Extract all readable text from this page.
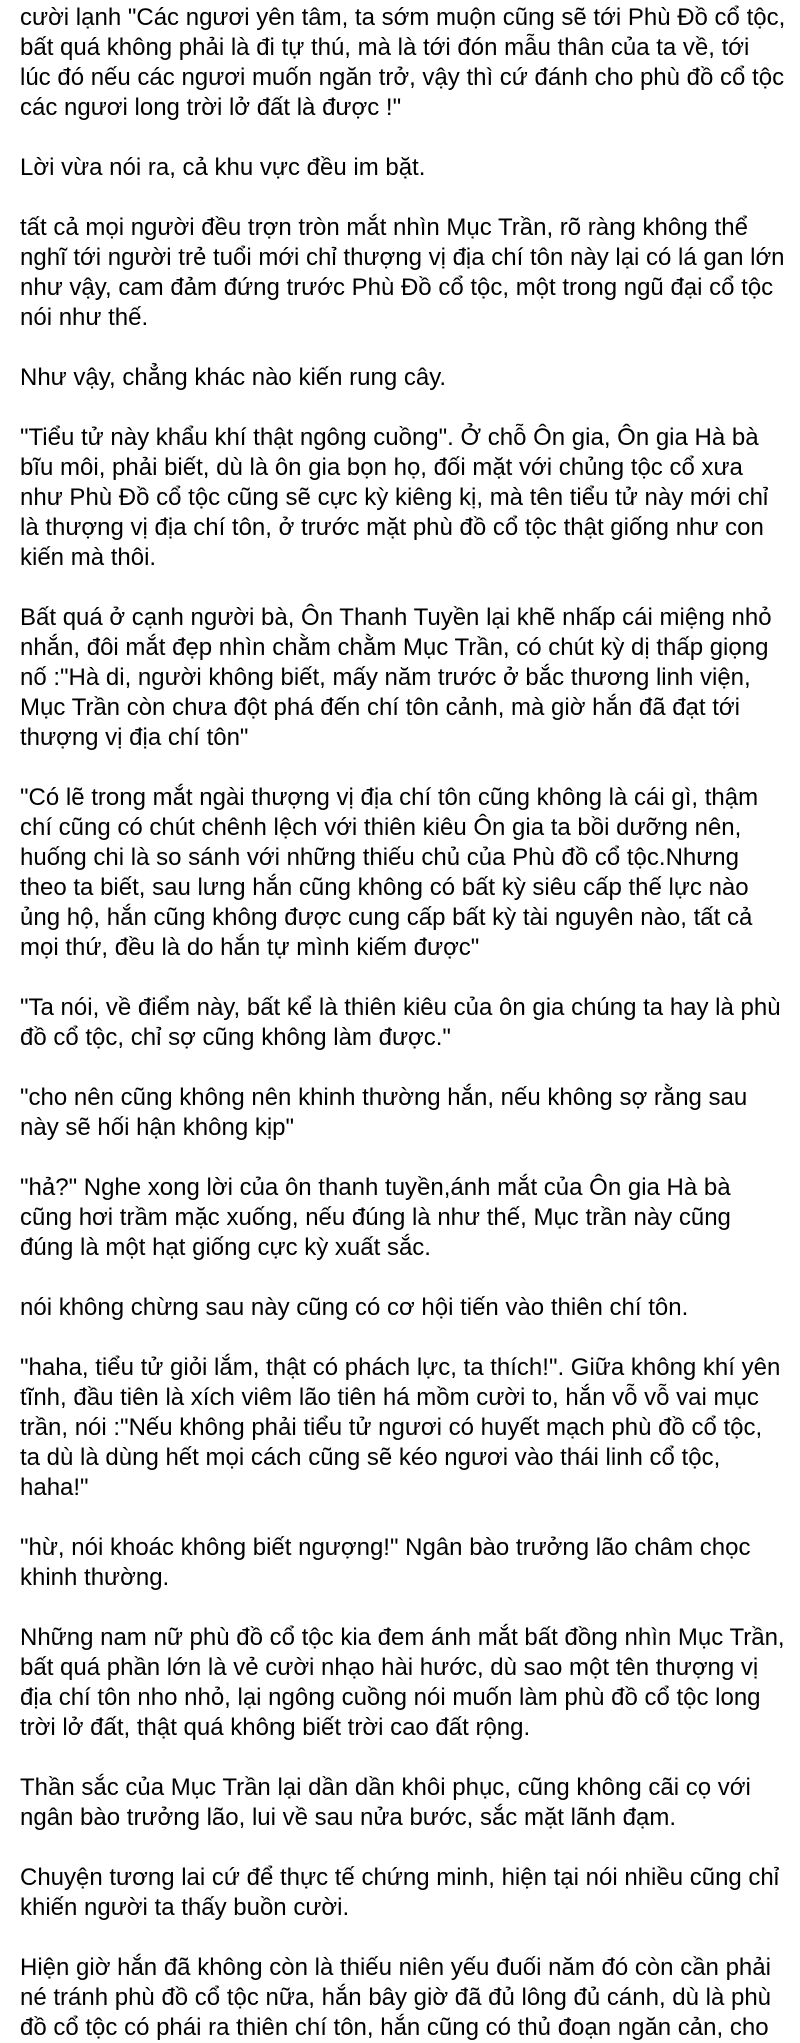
cười lạnh "Các ngươi yên tâm, ta sớm muộn cũng sẽ tới Phù Đồ cổ tộc,
bất quá không phải là đi tự thú, mà là tới đón mẫu thân của ta về, tới
lúc đó nếu các ngươi muốn ngăn trở, vậy thì cứ đánh cho phù đồ cổ tộc
các ngươi long trời lở đất là được !"
Lời vừa nói ra, cả khu vực đều im bặt.
tất cả mọi người đều trợn tròn mắt nhìn Mục Trần, rõ ràng không thể
nghĩ tới người trẻ tuổi mới chỉ thượng vị địa chí tôn này lại có lá gan lớn
như vậy, cam đảm đứng trước Phù Đồ cổ tộc, một trong ngũ đại cổ tộc
nói như thế.
Như vậy, chẳng khác nào kiến rung cây.
"Tiểu tử này khẩu khí thật ngông cuồng". Ở chỗ Ôn gia, Ôn gia Hà bà
bĩu môi, phải biết, dù là ôn gia bọn họ, đối mặt với chủng tộc cổ xưa
như Phù Đồ cổ tộc cũng sẽ cực kỳ kiêng kị, mà tên tiểu tử này mới chỉ
là thượng vị địa chí tôn, ở trước mặt phù đồ cổ tộc thật giống như con
kiến mà thôi.
Bất quá ở cạnh người bà, Ôn Thanh Tuyền lại khẽ nhấp cái miệng nhỏ
nhắn, đôi mắt đẹp nhìn chằm chằm Mục Trần, có chút kỳ dị thấp giọng
nố :"Hà di, người không biết, mấy năm trước ở bắc thương linh viện,
Mục Trần còn chưa đột phá đến chí tôn cảnh, mà giờ hắn đã đạt tới
thượng vị địa chí tôn"
"Có lẽ trong mắt ngài thượng vị địa chí tôn cũng không là cái gì, thậm
chí cũng có chút chênh lệch với thiên kiêu Ôn gia ta bồi dưỡng nên,
huống chi là so sánh với những thiếu chủ của Phù đồ cổ tộc.Nhưng
theo ta biết, sau lưng hắn cũng không có bất kỳ siêu cấp thế lực nào
ủng hộ, hắn cũng không được cung cấp bất kỳ tài nguyên nào, tất cả
mọi thứ, đều là do hắn tự mình kiếm được"
"Ta nói, về điểm này, bất kể là thiên kiêu của ôn gia chúng ta hay là phù
đồ cổ tộc, chỉ sợ cũng không làm được."
"cho nên cũng không nên khinh thường hắn, nếu không sợ rằng sau
này sẽ hối hận không kịp"
"hả?" Nghe xong lời của ôn thanh tuyền,ánh mắt của Ôn gia Hà bà
cũng hơi trầm mặc xuống, nếu đúng là như thế, Mục trần này cũng
đúng là một hạt giống cực kỳ xuất sắc.
nói không chừng sau này cũng có cơ hội tiến vào thiên chí tôn.
"haha, tiểu tử giỏi lắm, thật có phách lực, ta thích!". Giữa không khí yên
tĩnh, đầu tiên là xích viêm lão tiên há mồm cười to, hắn vỗ vỗ vai mục
trần, nói :"Nếu không phải tiểu tử ngươi có huyết mạch phù đồ cổ tộc,
ta dù là dùng hết mọi cách cũng sẽ kéo ngươi vào thái linh cổ tộc,
haha!"
"hừ, nói khoác không biết ngượng!" Ngân bào trưởng lão châm chọc
khinh thường.
Những nam nữ phù đồ cổ tộc kia đem ánh mắt bất đồng nhìn Mục Trần,
bất quá phần lớn là vẻ cười nhạo hài hước, dù sao một tên thượng vị
địa chí tôn nho nhỏ, lại ngông cuồng nói muốn làm phù đồ cổ tộc long
trời lở đất, thật quá không biết trời cao đất rộng.
Thần sắc của Mục Trần lại dần dần khôi phục, cũng không cãi cọ với
ngân bào trưởng lão, lui về sau nửa bước, sắc mặt lãnh đạm.
Chuyện tương lai cứ để thực tế chứng minh, hiện tại nói nhiều cũng chỉ
khiến người ta thấy buồn cười.
Hiện giờ hắn đã không còn là thiếu niên yếu đuối năm đó còn cần phải
né tránh phù đồ cổ tộc nữa, hắn bây giờ đã đủ lông đủ cánh, dù là phù
đồ cổ tộc có phái ra thiên chí tôn, hắn cũng có thủ đoạn ngăn cản, cho
